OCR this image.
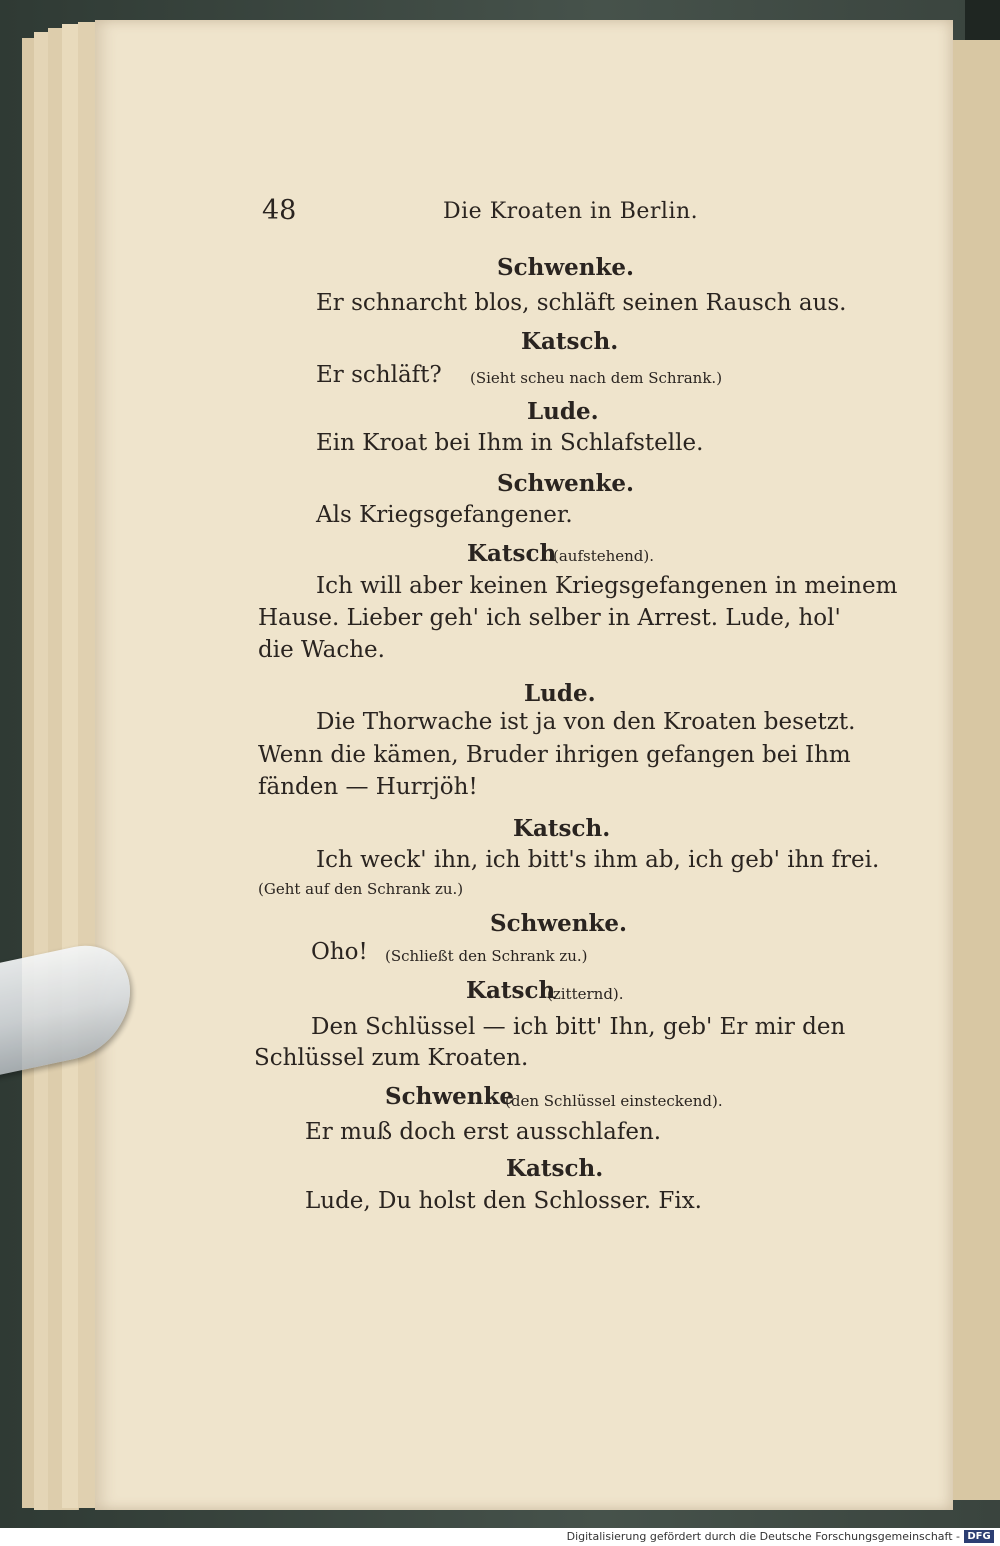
48	Die Kroaten in Berlin.
Schwenke.
Er schnarcht blos, schläft seinen Rausch aus.
Katsch.
Er schläft? (Sieht scheu nach dem Schrank.)
Lude.
Ein Kroat bei Ihm in Schlafstelle.
Schwenke.
Als Kriegsgefangener.
Katsch
(aufstehend).
Ich will aber keinen Kriegsgefangenen in meinem
Hause. Lieber geh' ich selber in Arrest. Lude, hol'
die Wache.
Lude.
Die Thorwache ist ja von den Kroaten besetzt.
Wenn die kämen, Bruder ihrigen gefangen bei Ihm
fänden — Hurrjöh!
Katsch.
Ich weck' ihn, ich bitt's ihm ab, ich geb' ihn frei.
(Geht auf den Schrank zu.)
Schwenke.
Oho! (Schließt den Schrank zu.)
Katsch
(zitternd).
Den Schlüssel — ich bitt' Ihn, geb' Er mir den
Schlüssel zum Kroaten.
Schwenke
(den Schlüssel einsteckend).
Er muß doch erst ausschlafen.
Katsch.
Lude, Du holst den Schlosser. Fix.
Digitalisierung gefördert durch die Deutsche Forschungsgemeinschaft - DFG
